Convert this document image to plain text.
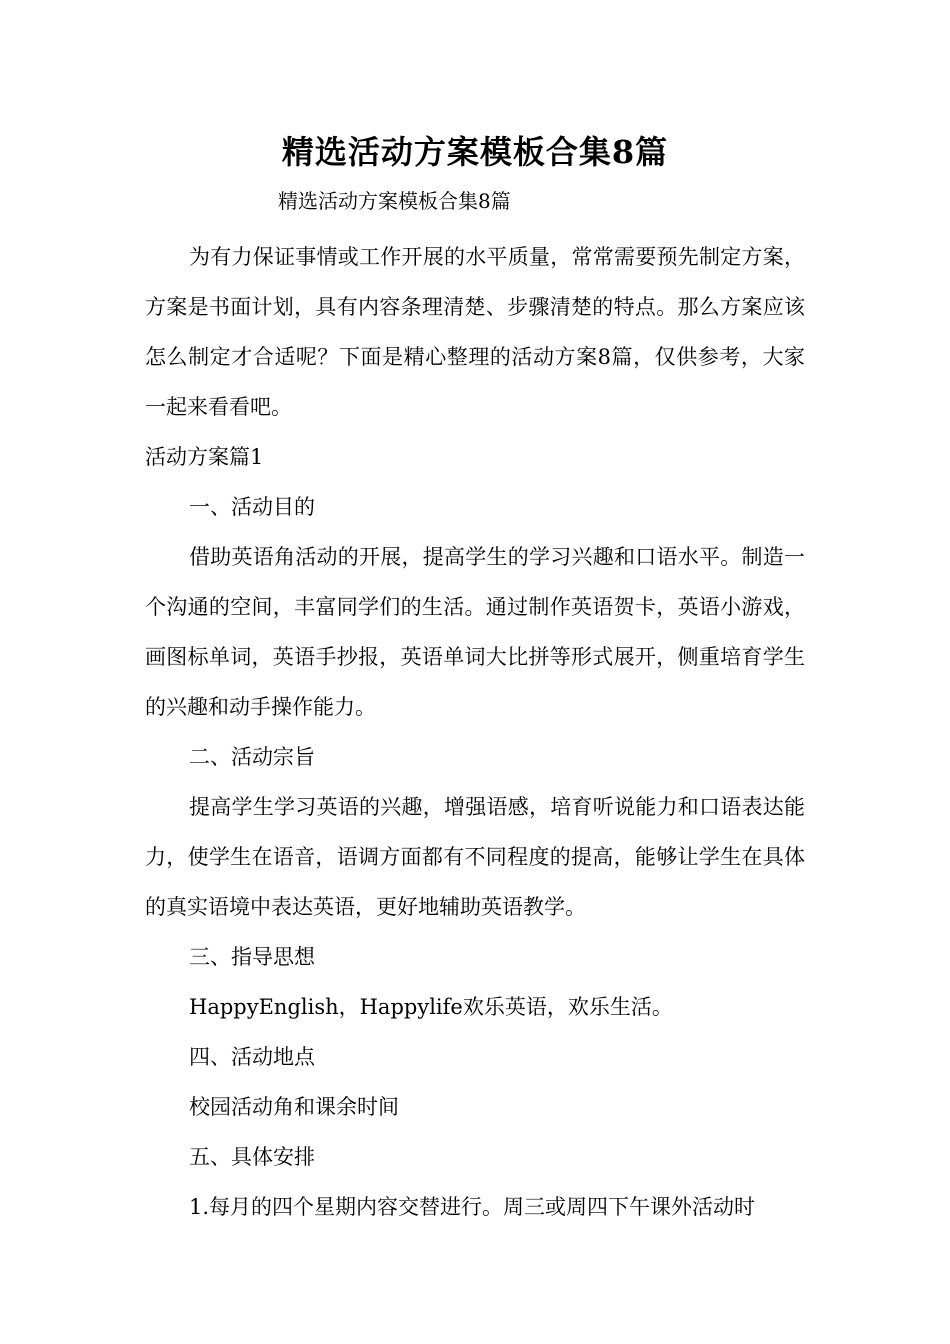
精选活动方案模板合集8篇
精选活动方案模板合集8篇

为有力保证事情或工作开展的水平质量，常常需要预先制定方案，方案是书面计划，具有内容条理清楚、步骤清楚的特点。那么方案应该怎么制定才合适呢？下面是精心整理的活动方案8篇，仅供参考，大家一起来看看吧。

活动方案篇1

一、活动目的

借助英语角活动的开展，提高学生的学习兴趣和口语水平。制造一个沟通的空间，丰富同学们的生活。通过制作英语贺卡，英语小游戏，画图标单词，英语手抄报，英语单词大比拼等形式展开，侧重培育学生的兴趣和动手操作能力。

二、活动宗旨

提高学生学习英语的兴趣，增强语感，培育听说能力和口语表达能力，使学生在语音，语调方面都有不同程度的提高，能够让学生在具体的真实语境中表达英语，更好地辅助英语教学。

三、指导思想

HappyEnglish，Happylife欢乐英语，欢乐生活。

四、活动地点

校园活动角和课余时间

五、具体安排

1.每月的四个星期内容交替进行。周三或周四下午课外活动时
